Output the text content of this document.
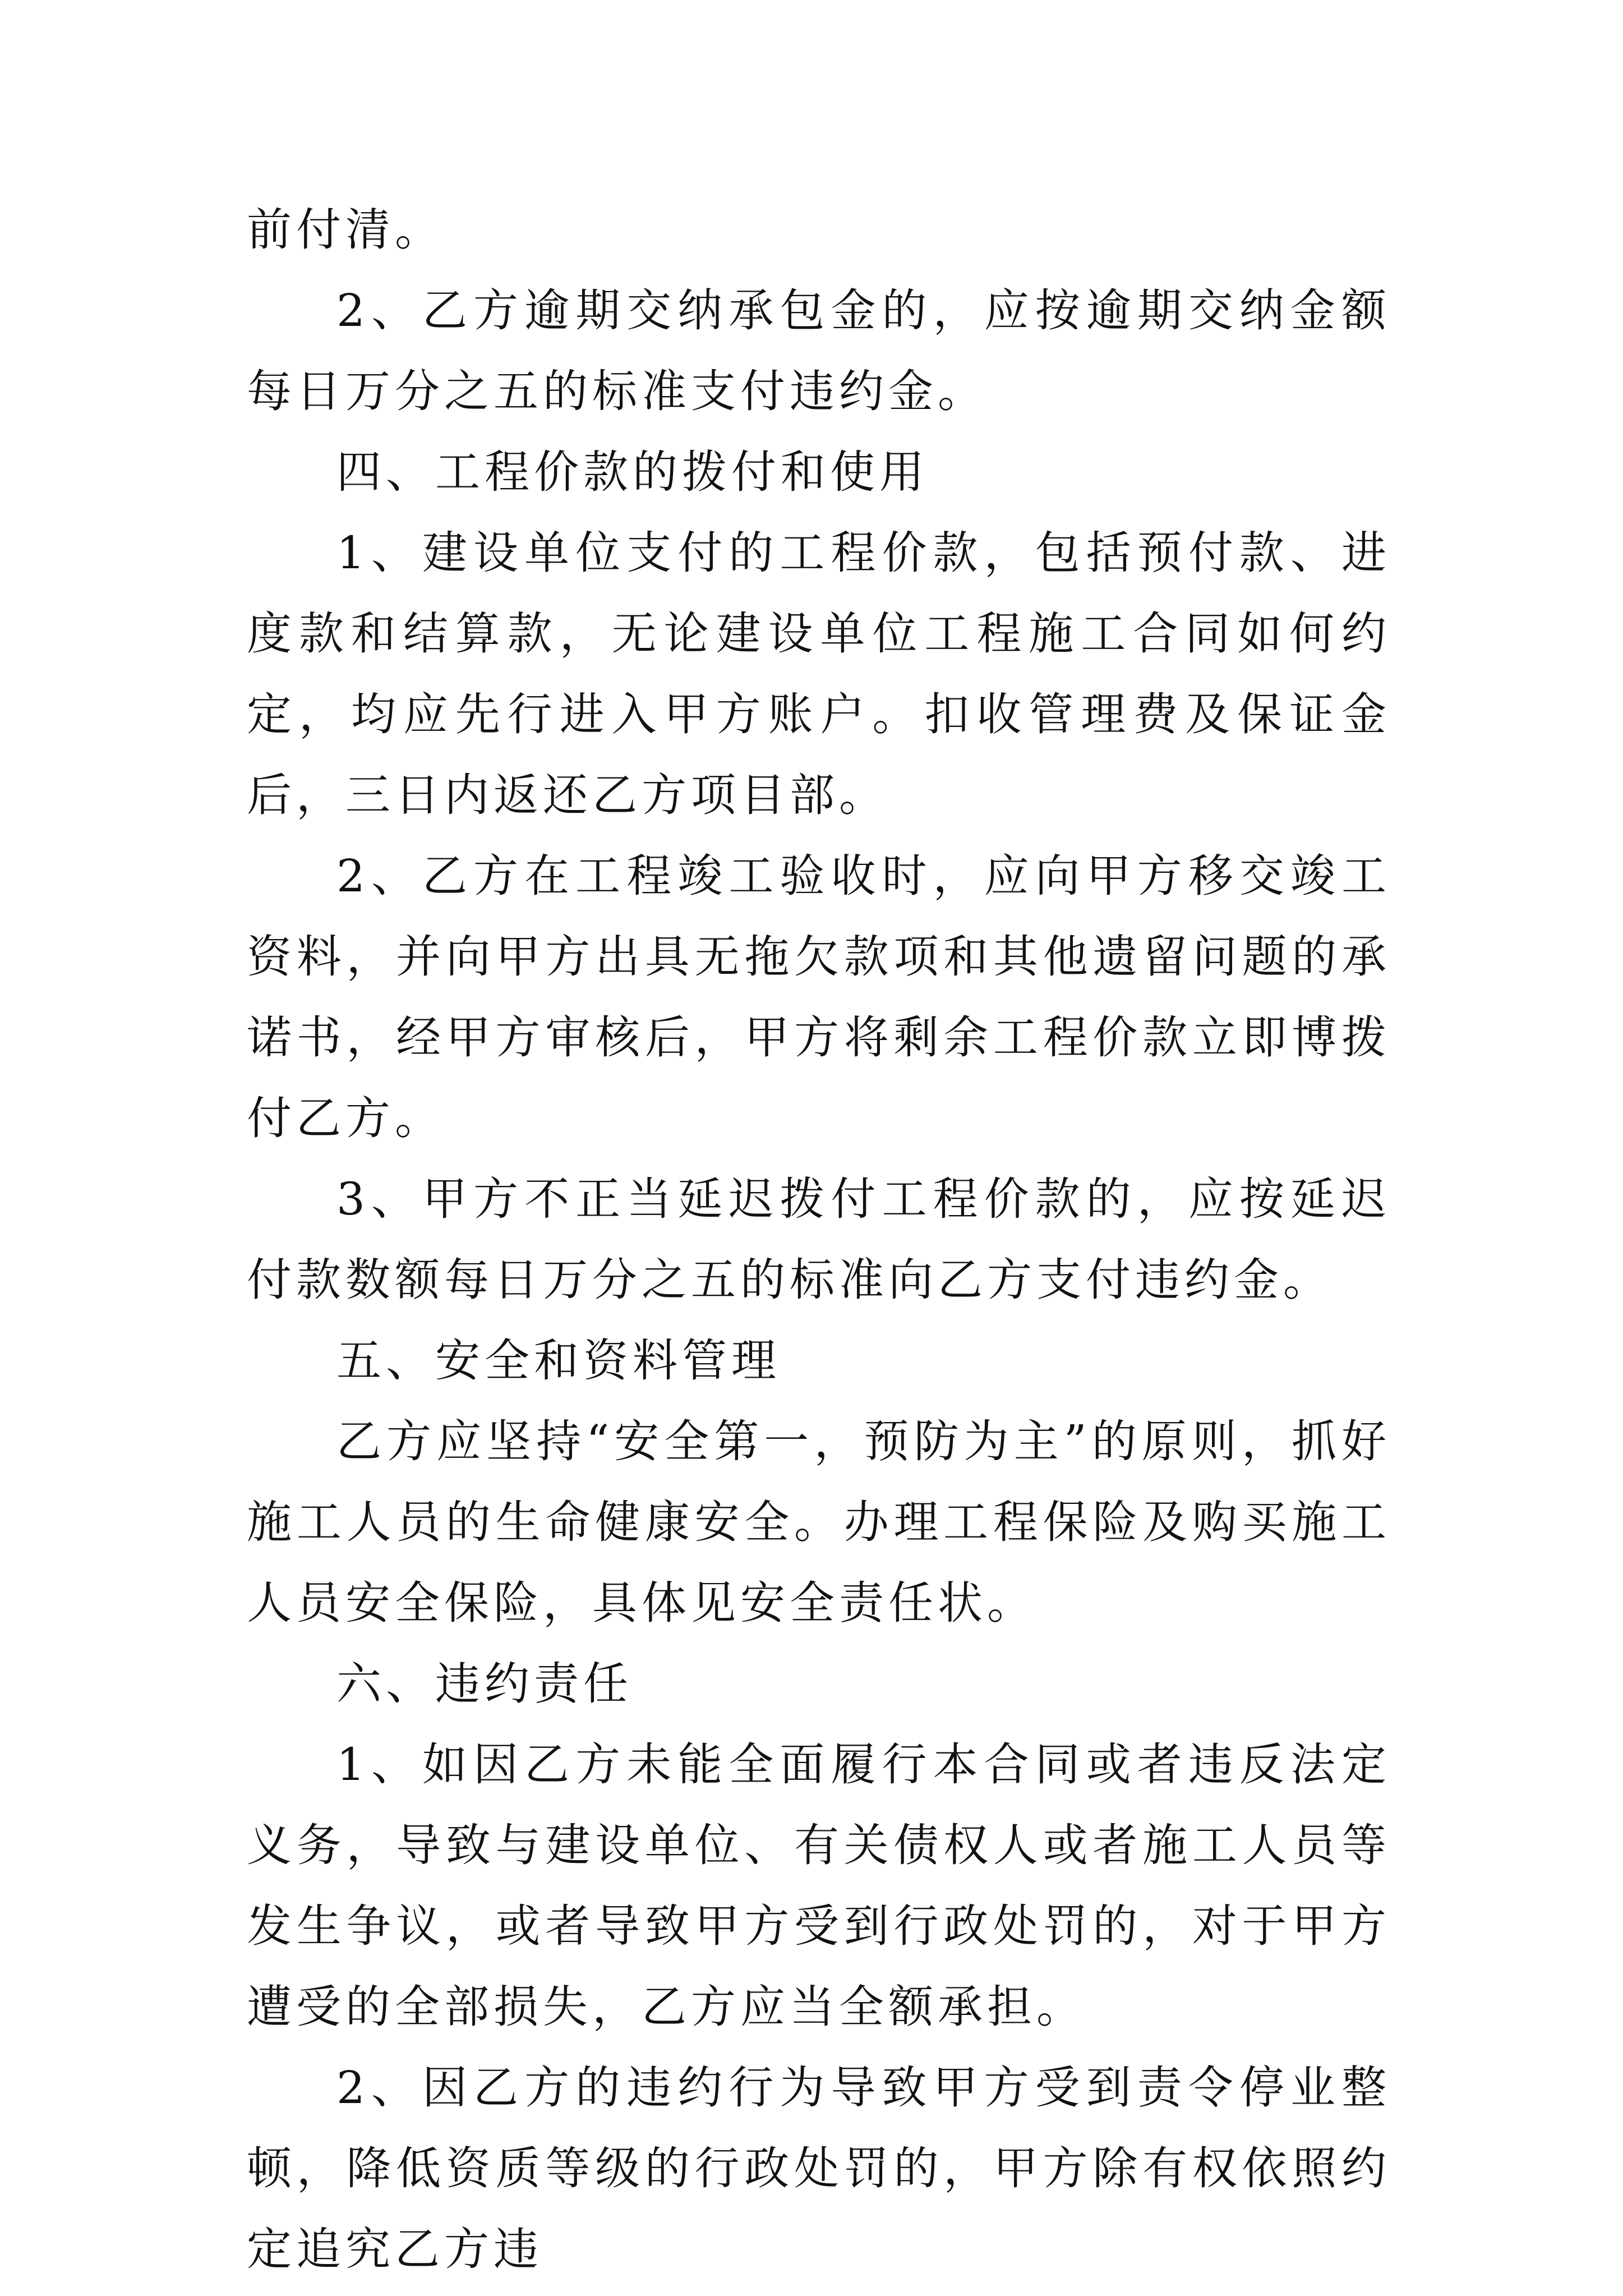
前付清。

2、乙方逾期交纳承包金的，应按逾期交纳金额每日万分之五的标准支付违约金。

四、工程价款的拨付和使用

1、建设单位支付的工程价款，包括预付款、进度款和结算款，无论建设单位工程施工合同如何约定，均应先行进入甲方账户。扣收管理费及保证金后，三日内返还乙方项目部。

2、乙方在工程竣工验收时，应向甲方移交竣工资料，并向甲方出具无拖欠款项和其他遗留问题的承诺书，经甲方审核后，甲方将剩余工程价款立即博拨付乙方。

3、甲方不正当延迟拨付工程价款的，应按延迟付款数额每日万分之五的标准向乙方支付违约金。

五、安全和资料管理

乙方应坚持“安全第一，预防为主”的原则，抓好施工人员的生命健康安全。办理工程保险及购买施工人员安全保险，具体见安全责任状。

六、违约责任

1、如因乙方未能全面履行本合同或者违反法定义务，导致与建设单位、有关债权人或者施工人员等发生争议，或者导致甲方受到行政处罚的，对于甲方遭受的全部损失，乙方应当全额承担。

2、因乙方的违约行为导致甲方受到责令停业整顿，降低资质等级的行政处罚的，甲方除有权依照约定追究乙方违
